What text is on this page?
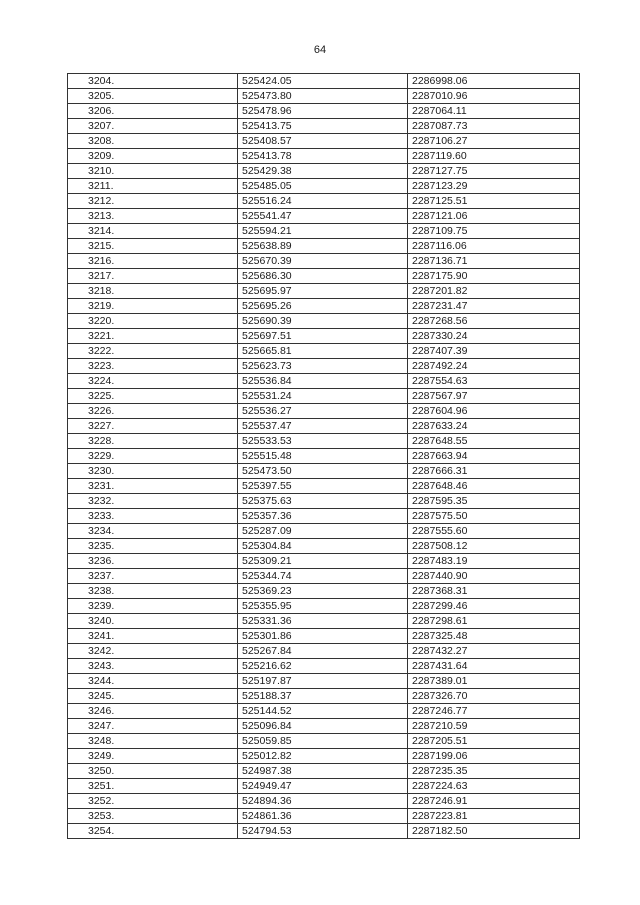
64
3204.	525424.05	2286998.06
3205.	525473.80	2287010.96
3206.	525478.96	2287064.11
3207.	525413.75	2287087.73
3208.	525408.57	2287106.27
3209.	525413.78	2287119.60
3210.	525429.38	2287127.75
3211.	525485.05	2287123.29
3212.	525516.24	2287125.51
3213.	525541.47	2287121.06
3214.	525594.21	2287109.75
3215.	525638.89	2287116.06
3216.	525670.39	2287136.71
3217.	525686.30	2287175.90
3218.	525695.97	2287201.82
3219.	525695.26	2287231.47
3220.	525690.39	2287268.56
3221.	525697.51	2287330.24
3222.	525665.81	2287407.39
3223.	525623.73	2287492.24
3224.	525536.84	2287554.63
3225.	525531.24	2287567.97
3226.	525536.27	2287604.96
3227.	525537.47	2287633.24
3228.	525533.53	2287648.55
3229.	525515.48	2287663.94
3230.	525473.50	2287666.31
3231.	525397.55	2287648.46
3232.	525375.63	2287595.35
3233.	525357.36	2287575.50
3234.	525287.09	2287555.60
3235.	525304.84	2287508.12
3236.	525309.21	2287483.19
3237.	525344.74	2287440.90
3238.	525369.23	2287368.31
3239.	525355.95	2287299.46
3240.	525331.36	2287298.61
3241.	525301.86	2287325.48
3242.	525267.84	2287432.27
3243.	525216.62	2287431.64
3244.	525197.87	2287389.01
3245.	525188.37	2287326.70
3246.	525144.52	2287246.77
3247.	525096.84	2287210.59
3248.	525059.85	2287205.51
3249.	525012.82	2287199.06
3250.	524987.38	2287235.35
3251.	524949.47	2287224.63
3252.	524894.36	2287246.91
3253.	524861.36	2287223.81
3254.	524794.53	2287182.50
